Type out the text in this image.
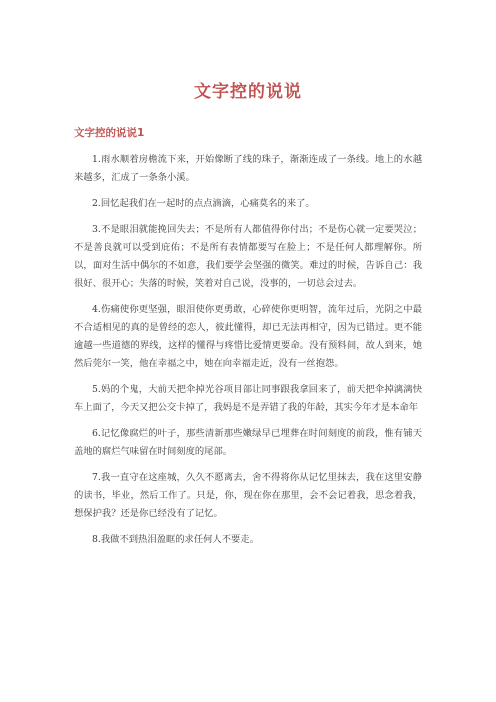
文字控的说说
文字控的说说1

1.雨水顺着房檐流下来，开始像断了线的珠子，渐渐连成了一条线。地上的水越来越多，汇成了一条条小溪。

2.回忆起我们在一起时的点点滴滴，心痛莫名的来了。

3.不是眼泪就能挽回失去；不是所有人都值得你付出；不是伤心就一定要哭泣；不是善良就可以受到庇佑；不是所有表情都要写在脸上；不是任何人都理解你。所以，面对生活中偶尔的不如意，我们要学会坚强的微笑。难过的时候，告诉自己：我很好、很开心；失落的时候，笑着对自己说，没事的，一切总会过去。

4.伤痛使你更坚强，眼泪使你更勇敢，心碎使你更明智，流年过后，光阴之中最不合适相见的真的是曾经的恋人，彼此懂得，却已无法再相守，因为已错过。更不能逾越一些道德的界线，这样的懂得与疼惜比爱情更要命。没有预料间，故人到来，她然后莞尔一笑，他在幸福之中，她在向幸福走近，没有一丝抱怨。

5.妈的个鬼，大前天把伞掉光谷项目部让同事跟我拿回来了，前天把伞掉漓漓快车上面了，今天又把公交卡掉了，我妈是不是弄错了我的年龄，其实今年才是本命年

6.记忆像腐烂的叶子，那些清新那些嫩绿早已埋葬在时间刻度的前段，惟有铺天盖地的腐烂气味留在时间刻度的尾部。

7.我一直守在这座城，久久不愿离去，舍不得将你从记忆里抹去，我在这里安静的读书，毕业，然后工作了。只是，你，现在你在那里，会不会记着我，思念着我，想保护我？还是你已经没有了记忆。

8.我做不到热泪盈眶的求任何人不要走。
